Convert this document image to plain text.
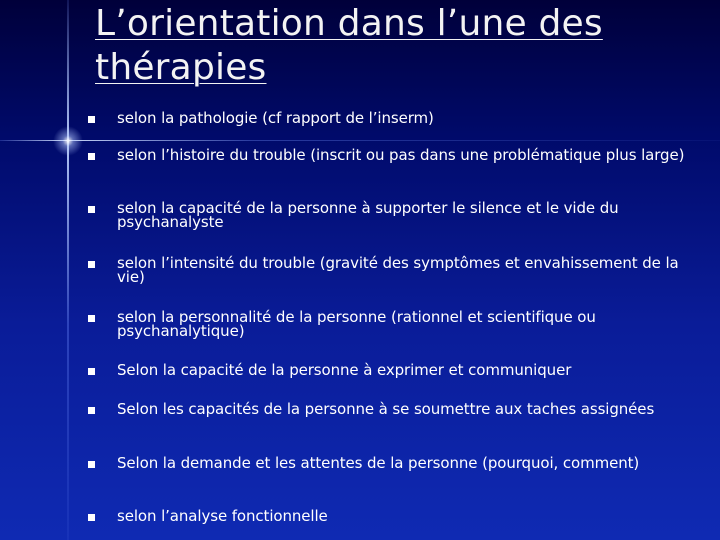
L’orientation dans l’une des thérapies
selon la pathologie (cf rapport de l’inserm)
selon l’histoire du trouble (inscrit ou pas dans une problématique plus large)
selon la capacité de la personne à supporter le silence et le vide du psychanalyste
selon l’intensité du trouble (gravité des symptômes et envahissement de la vie)
selon la personnalité de la personne (rationnel et scientifique ou psychanalytique)
Selon la capacité de la personne à exprimer et communiquer
Selon les capacités de la personne à se soumettre aux taches assignées
Selon la demande et les attentes de la personne (pourquoi, comment)
selon l’analyse fonctionnelle
